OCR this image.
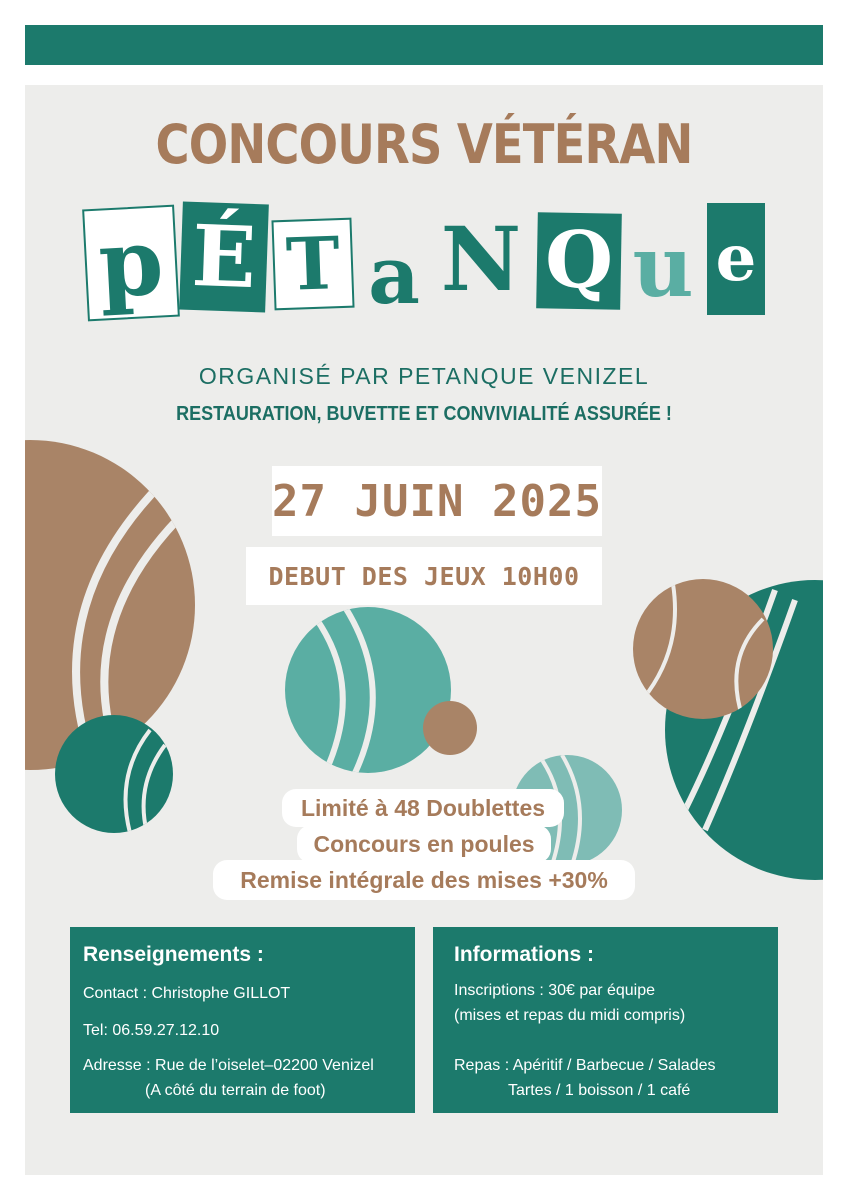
CONCOURS VÉTÉRAN
p É T a N Q u e
ORGANISÉ PAR PETANQUE VENIZEL
RESTAURATION, BUVETTE ET CONVIVIALITÉ ASSURÉE !
27 JUIN 2025
DEBUT DES JEUX 10H00
Limité à 48 Doublettes
Concours en poules
Remise intégrale des mises +30%
Renseignements :
Contact : Christophe GILLOT
Tel: 06.59.27.12.10
Adresse : Rue de l’oiselet–02200 Venizel
(A côté du terrain de foot)
Informations :
Inscriptions : 30€ par équipe
(mises et repas du midi compris)
Repas : Apéritif / Barbecue / Salades
Tartes / 1 boisson / 1 café
